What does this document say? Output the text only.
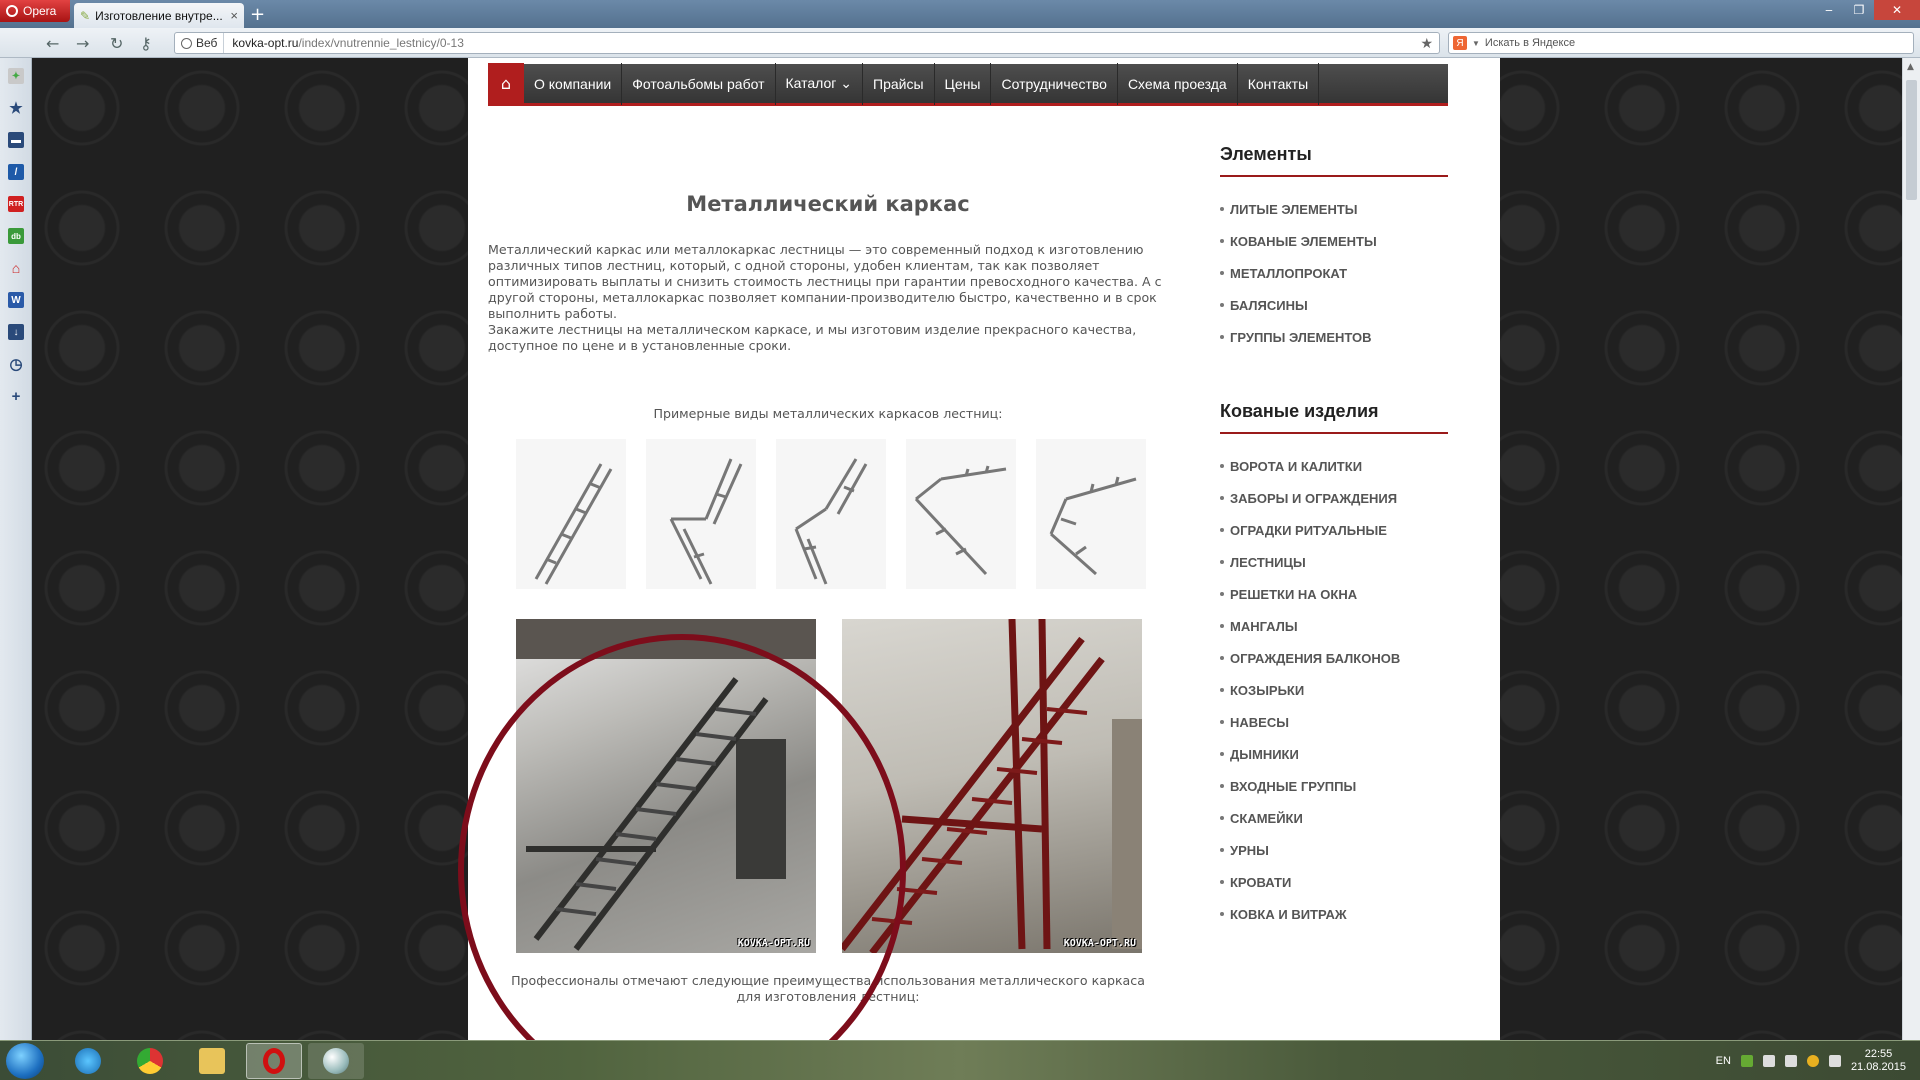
Opera ✎ Изготовление внутре... × +	‒	❐	✕
← → ↻ ⚷	Веб	kovka-opt.ru/index/vnutrennie_lestnicy/0-13	★	Я	▼ Искать в Яндексе
✦
★
▬
/
RTR
db
⌂
W
↓
◷
+
⌂	О компании	Фотоальбомы работ	Каталог ⌄	Прайсы	Цены	Сотрудничество	Схема проезда	Контакты
Металлический каркас

Металлический каркас или металлокаркас лестницы — это современный подход к изготовлению различных типов лестниц, который, с одной стороны, удобен клиентам, так как позволяет оптимизировать выплаты и снизить стоимость лестницы при гарантии превосходного качества. А с другой стороны, металлокаркас позволяет компании-производителю быстро, качественно и в срок выполнить работы.

Закажите лестницы на металлическом каркасе, и мы изготовим изделие прекрасного качества, доступное по цене и в установленные сроки.

Примерные виды металлических каркасов лестниц:
KOVKA-OPT.RU	KOVKA-OPT.RU
Профессионалы отмечают следующие преимущества использования металлического каркаса для изготовления лестниц:
Элементы
ЛИТЫЕ ЭЛЕМЕНТЫ
КОВАНЫЕ ЭЛЕМЕНТЫ
МЕТАЛЛОПРОКАТ
БАЛЯСИНЫ
ГРУППЫ ЭЛЕМЕНТОВ
Кованые изделия
ВОРОТА И КАЛИТКИ
ЗАБОРЫ И ОГРАЖДЕНИЯ
ОГРАДКИ РИТУАЛЬНЫЕ
ЛЕСТНИЦЫ
РЕШЕТКИ НА ОКНА
МАНГАЛЫ
ОГРАЖДЕНИЯ БАЛКОНОВ
КОЗЫРЬКИ
НАВЕСЫ
ДЫМНИКИ
ВХОДНЫЕ ГРУППЫ
СКАМЕЙКИ
УРНЫ
КРОВАТИ
КОВКА И ВИТРАЖ
▲
EN
22:55
21.08.2015
